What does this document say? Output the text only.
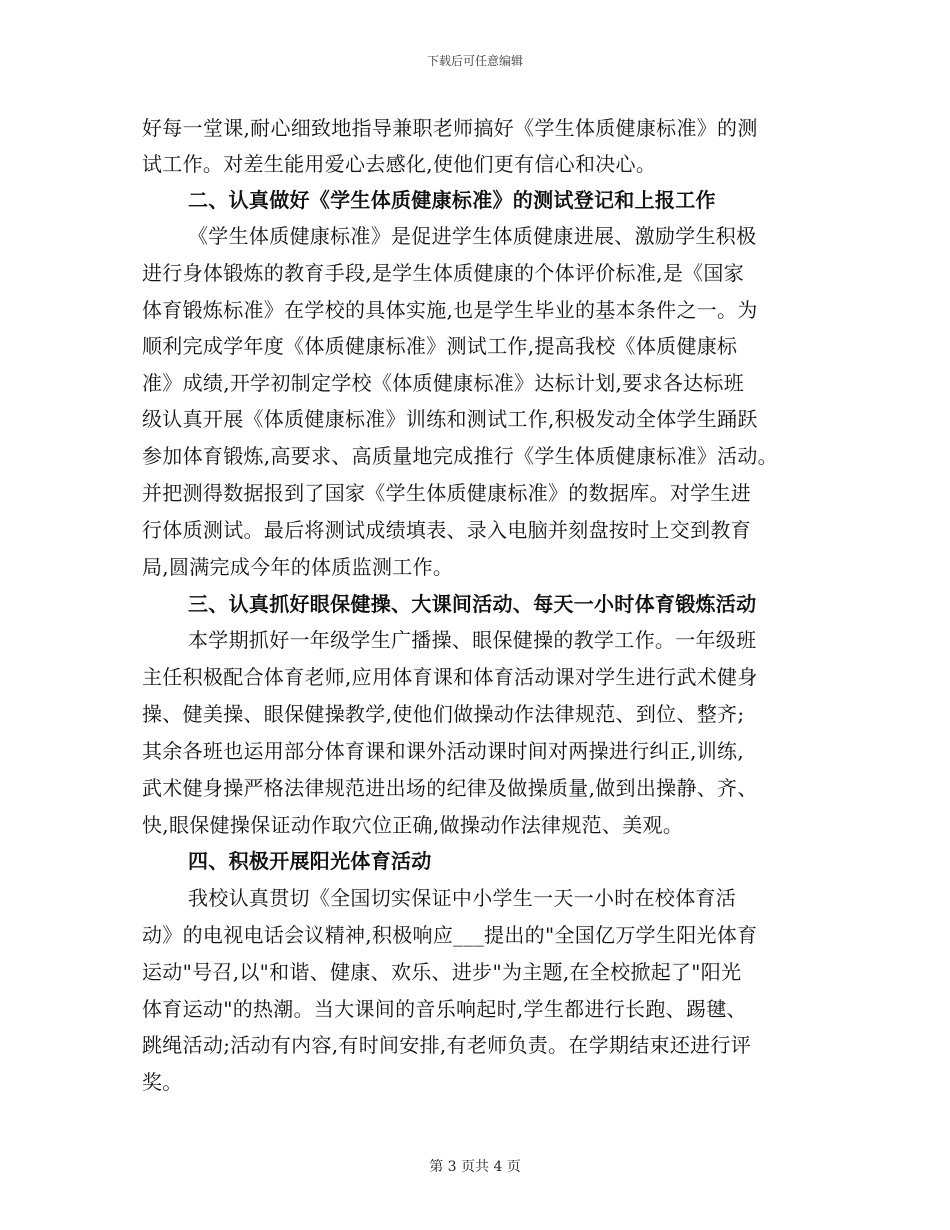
下载后可任意编辑
好每一堂课,耐心细致地指导兼职老师搞好《学生体质健康标准》的测
试工作。对差生能用爱心去感化,使他们更有信心和决心。
二、认真做好《学生体质健康标准》的测试登记和上报工作
《学生体质健康标准》是促进学生体质健康进展、激励学生积极
进行身体锻炼的教育手段,是学生体质健康的个体评价标准,是《国家
体育锻炼标准》在学校的具体实施,也是学生毕业的基本条件之一。为
顺利完成学年度《体质健康标准》测试工作,提高我校《体质健康标
准》成绩,开学初制定学校《体质健康标准》达标计划,要求各达标班
级认真开展《体质健康标准》训练和测试工作,积极发动全体学生踊跃
参加体育锻炼,高要求、高质量地完成推行《学生体质健康标准》活动。
并把测得数据报到了国家《学生体质健康标准》的数据库。对学生进
行体质测试。最后将测试成绩填表、录入电脑并刻盘按时上交到教育
局,圆满完成今年的体质监测工作。
三、认真抓好眼保健操、大课间活动、每天一小时体育锻炼活动
本学期抓好一年级学生广播操、眼保健操的教学工作。一年级班
主任积极配合体育老师,应用体育课和体育活动课对学生进行武术健身
操、健美操、眼保健操教学,使他们做操动作法律规范、到位、整齐;
其余各班也运用部分体育课和课外活动课时间对两操进行纠正,训练,
武术健身操严格法律规范进出场的纪律及做操质量,做到出操静、齐、
快,眼保健操保证动作取穴位正确,做操动作法律规范、美观。
四、积极开展阳光体育活动
我校认真贯切《全国切实保证中小学生一天一小时在校体育活
动》的电视电话会议精神,积极响应___提出的"全国亿万学生阳光体育
运动"号召,以"和谐、健康、欢乐、进步"为主题,在全校掀起了"阳光
体育运动"的热潮。当大课间的音乐响起时,学生都进行长跑、踢毽、
跳绳活动;活动有内容,有时间安排,有老师负责。在学期结束还进行评
奖。
第 3 页共 4 页
